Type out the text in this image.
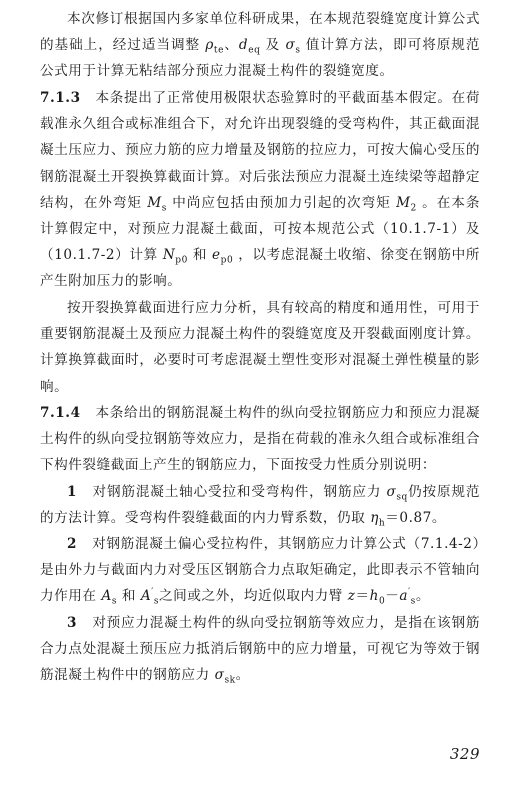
本次修订根据国内多家单位科研成果，在本规范裂缝宽度计算公式的基础上，经过适当调整 $\rho_{te}$、$d_{eq}$ 及 $\sigma_s$ 值计算方法，即可将原规范公式用于计算无粘结部分预应力混凝土构件的裂缝宽度。

7.1.3 本条提出了正常使用极限状态验算时的平截面基本假定。在荷载准永久组合或标准组合下，对允许出现裂缝的受弯构件，其正截面混凝土压应力、预应力筋的应力增量及钢筋的拉应力，可按大偏心受压的钢筋混凝土开裂换算截面计算。对后张法预应力混凝土连续梁等超静定结构，在外弯矩 $M_s$ 中尚应包括由预加力引起的次弯矩 $M_2$ 。在本条计算假定中，对预应力混凝土截面，可按本规范公式（10.1.7-1）及（10.1.7-2）计算 $N_{p0}$ 和 $e_{p0}$ ，以考虑混凝土收缩、徐变在钢筋中所产生附加压力的影响。

按开裂换算截面进行应力分析，具有较高的精度和通用性，可用于重要钢筋混凝土及预应力混凝土构件的裂缝宽度及开裂截面刚度计算。计算换算截面时，必要时可考虑混凝土塑性变形对混凝土弹性模量的影响。

7.1.4 本条给出的钢筋混凝土构件的纵向受拉钢筋应力和预应力混凝土构件的纵向受拉钢筋等效应力，是指在荷载的准永久组合或标准组合下构件裂缝截面上产生的钢筋应力，下面按受力性质分别说明：

1 对钢筋混凝土轴心受拉和受弯构件，钢筋应力 $\sigma_{sq}$仍按原规范的方法计算。受弯构件裂缝截面的内力臂系数，仍取 $\eta_h=0.87$。

2 对钢筋混凝土偏心受拉构件，其钢筋应力计算公式（7.1.4-2）是由外力与截面内力对受压区钢筋合力点取矩确定，此即表示不管轴向力作用在 $A_s$ 和 $A'_s$之间或之外，均近似取内力臂 $z=h_0-a'_s$。

3 对预应力混凝土构件的纵向受拉钢筋等效应力，是指在该钢筋合力点处混凝土预压应力抵消后钢筋中的应力增量，可视它为等效于钢筋混凝土构件中的钢筋应力 $\sigma_{sk}$。

329
